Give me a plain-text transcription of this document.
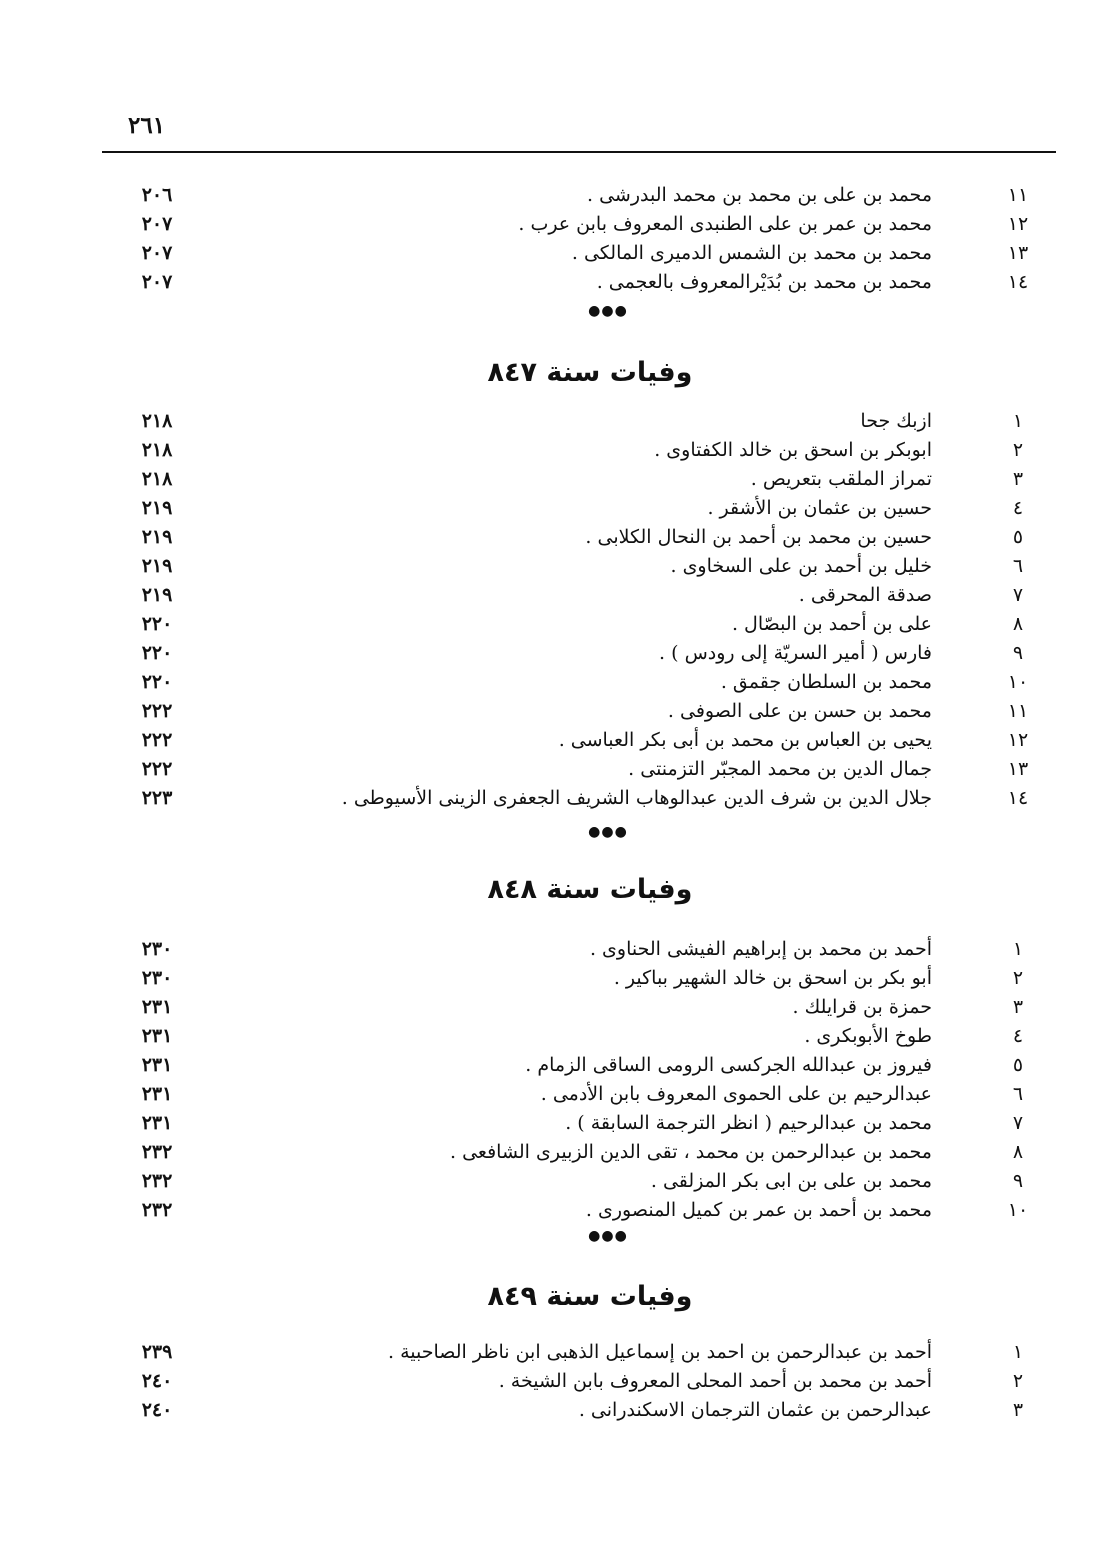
٢٦١
١١
محمد بن على بن محمد بن محمد البدرشى .
٢٠٦
١٢
محمد بن عمر بن على الطنبدى المعروف بابن عرب .
٢٠٧
١٣
محمد بن محمد بن الشمس الدميرى المالكى .
٢٠٧
١٤
محمد بن محمد بن بُدَيْرالمعروف بالعجمى .
٢٠٧
●●●
وفيات سنة ٨٤٧
١
ازبك جحا
٢١٨
٢
ابوبكر بن اسحق بن خالد الكفتاوى .
٢١٨
٣
تمراز الملقب بتعريص .
٢١٨
٤
حسين بن عثمان بن الأشقر .
٢١٩
٥
حسين بن محمد بن أحمد بن النحال الكلابى .
٢١٩
٦
خليل بن أحمد بن على السخاوى .
٢١٩
٧
صدقة المحرقى .
٢١٩
٨
على بن أحمد بن البصّال .
٢٢٠
٩
فارس ( أمير السريّة إلى رودس ) .
٢٢٠
١٠
محمد بن السلطان جقمق .
٢٢٠
١١
محمد بن حسن بن على الصوفى .
٢٢٢
١٢
يحيى بن العباس بن محمد بن أبى بكر العباسى .
٢٢٢
١٣
جمال الدين بن محمد المجبّر التزمنتى .
٢٢٢
١٤
جلال الدين بن شرف الدين عبدالوهاب الشريف الجعفرى الزينى الأسيوطى .
٢٢٣
●●●
وفيات سنة ٨٤٨
١
أحمد بن محمد بن إبراهيم الفيشى الحناوى .
٢٣٠
٢
أبو بكر بن اسحق بن خالد الشهير بباكير .
٢٣٠
٣
حمزة بن قرايلك .
٢٣١
٤
طوخ الأبوبكرى .
٢٣١
٥
فيروز بن عبدالله الجركسى الرومى الساقى الزمام .
٢٣١
٦
عبدالرحيم بن على الحموى المعروف بابن الأدمى .
٢٣١
٧
محمد بن عبدالرحيم ( انظر الترجمة السابقة ) .
٢٣١
٨
محمد بن عبدالرحمن بن محمد ، تقى الدين الزبيرى الشافعى .
٢٣٢
٩
محمد بن على بن ابى بكر المزلقى .
٢٣٢
١٠
محمد بن أحمد بن عمر بن كميل المنصورى .
٢٣٢
●●●
وفيات سنة ٨٤٩
١
أحمد بن عبدالرحمن بن احمد بن إسماعيل الذهبى ابن ناظر الصاحبية .
٢٣٩
٢
أحمد بن محمد بن أحمد المحلى المعروف بابن الشيخة .
٢٤٠
٣
عبدالرحمن بن عثمان الترجمان الاسكندرانى .
٢٤٠
